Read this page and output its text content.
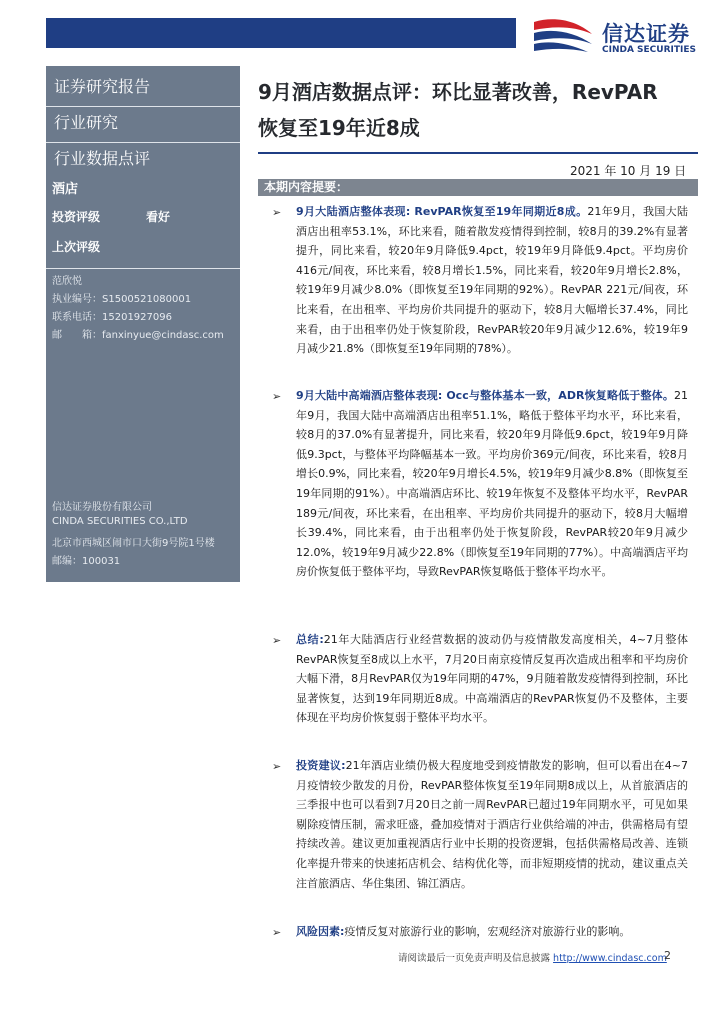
信达证券
CINDA SECURITIES
证券研究报告
行业研究
行业数据点评
酒店
投资评级	看好
上次评级
范欣悦
执业编号：S1500521080001
联系电话：15201927096
邮　　箱：fanxinyue@cindasc.com
信达证券股份有限公司
CINDA SECURITIES CO.,LTD
北京市西城区闹市口大街9号院1号楼
邮编：100031
9月酒店数据点评：环比显著改善，RevPAR
恢复至19年近8成
2021 年 10 月 19 日
本期内容提要：
➢ 9月大陆酒店整体表现: RevPAR恢复至19年同期近8成。21年9月，我国大陆酒店出租率53.1%，环比来看，随着散发疫情得到控制，较8月的39.2%有显著提升，同比来看，较20年9月降低9.4pct，较19年9月降低9.4pct。平均房价416元/间夜，环比来看，较8月增长1.5%，同比来看，较20年9月增长2.8%，较19年9月减少8.0%（即恢复至19年同期的92%）。RevPAR 221元/间夜，环比来看，在出租率、平均房价共同提升的驱动下，较8月大幅增长37.4%，同比来看，由于出租率仍处于恢复阶段，RevPAR较20年9月减少12.6%，较19年9月减少21.8%（即恢复至19年同期的78%）。
➢ 9月大陆中高端酒店整体表现: Occ与整体基本一致，ADR恢复略低于整体。21年9月，我国大陆中高端酒店出租率51.1%，略低于整体平均水平，环比来看，较8月的37.0%有显著提升，同比来看，较20年9月降低9.6pct，较19年9月降低9.3pct，与整体平均降幅基本一致。平均房价369元/间夜，环比来看，较8月增长0.9%，同比来看，较20年9月增长4.5%，较19年9月减少8.8%（即恢复至19年同期的91%）。中高端酒店环比、较19年恢复不及整体平均水平，RevPAR 189元/间夜，环比来看，在出租率、平均房价共同提升的驱动下，较8月大幅增长39.4%，同比来看，由于出租率仍处于恢复阶段，RevPAR较20年9月减少12.0%，较19年9月减少22.8%（即恢复至19年同期的77%）。中高端酒店平均房价恢复低于整体平均，导致RevPAR恢复略低于整体平均水平。
➢ 总结:21年大陆酒店行业经营数据的波动仍与疫情散发高度相关，4~7月整体RevPAR恢复至8成以上水平，7月20日南京疫情反复再次造成出租率和平均房价大幅下滑，8月RevPAR仅为19年同期的47%，9月随着散发疫情得到控制，环比显著恢复，达到19年同期近8成。中高端酒店的RevPAR恢复仍不及整体，主要体现在平均房价恢复弱于整体平均水平。
➢ 投资建议:21年酒店业绩仍极大程度地受到疫情散发的影响，但可以看出在4~7月疫情较少散发的月份，RevPAR整体恢复至19年同期8成以上，从首旅酒店的三季报中也可以看到7月20日之前一周RevPAR已超过19年同期水平，可见如果剔除疫情压制，需求旺盛，叠加疫情对于酒店行业供给端的冲击，供需格局有望持续改善。建议更加重视酒店行业中长期的投资逻辑，包括供需格局改善、连锁化率提升带来的快速拓店机会、结构优化等，而非短期疫情的扰动，建议重点关注首旅酒店、华住集团、锦江酒店。
➢ 风险因素:疫情反复对旅游行业的影响，宏观经济对旅游行业的影响。
请阅读最后一页免责声明及信息披露 http://www.cindasc.com
2
